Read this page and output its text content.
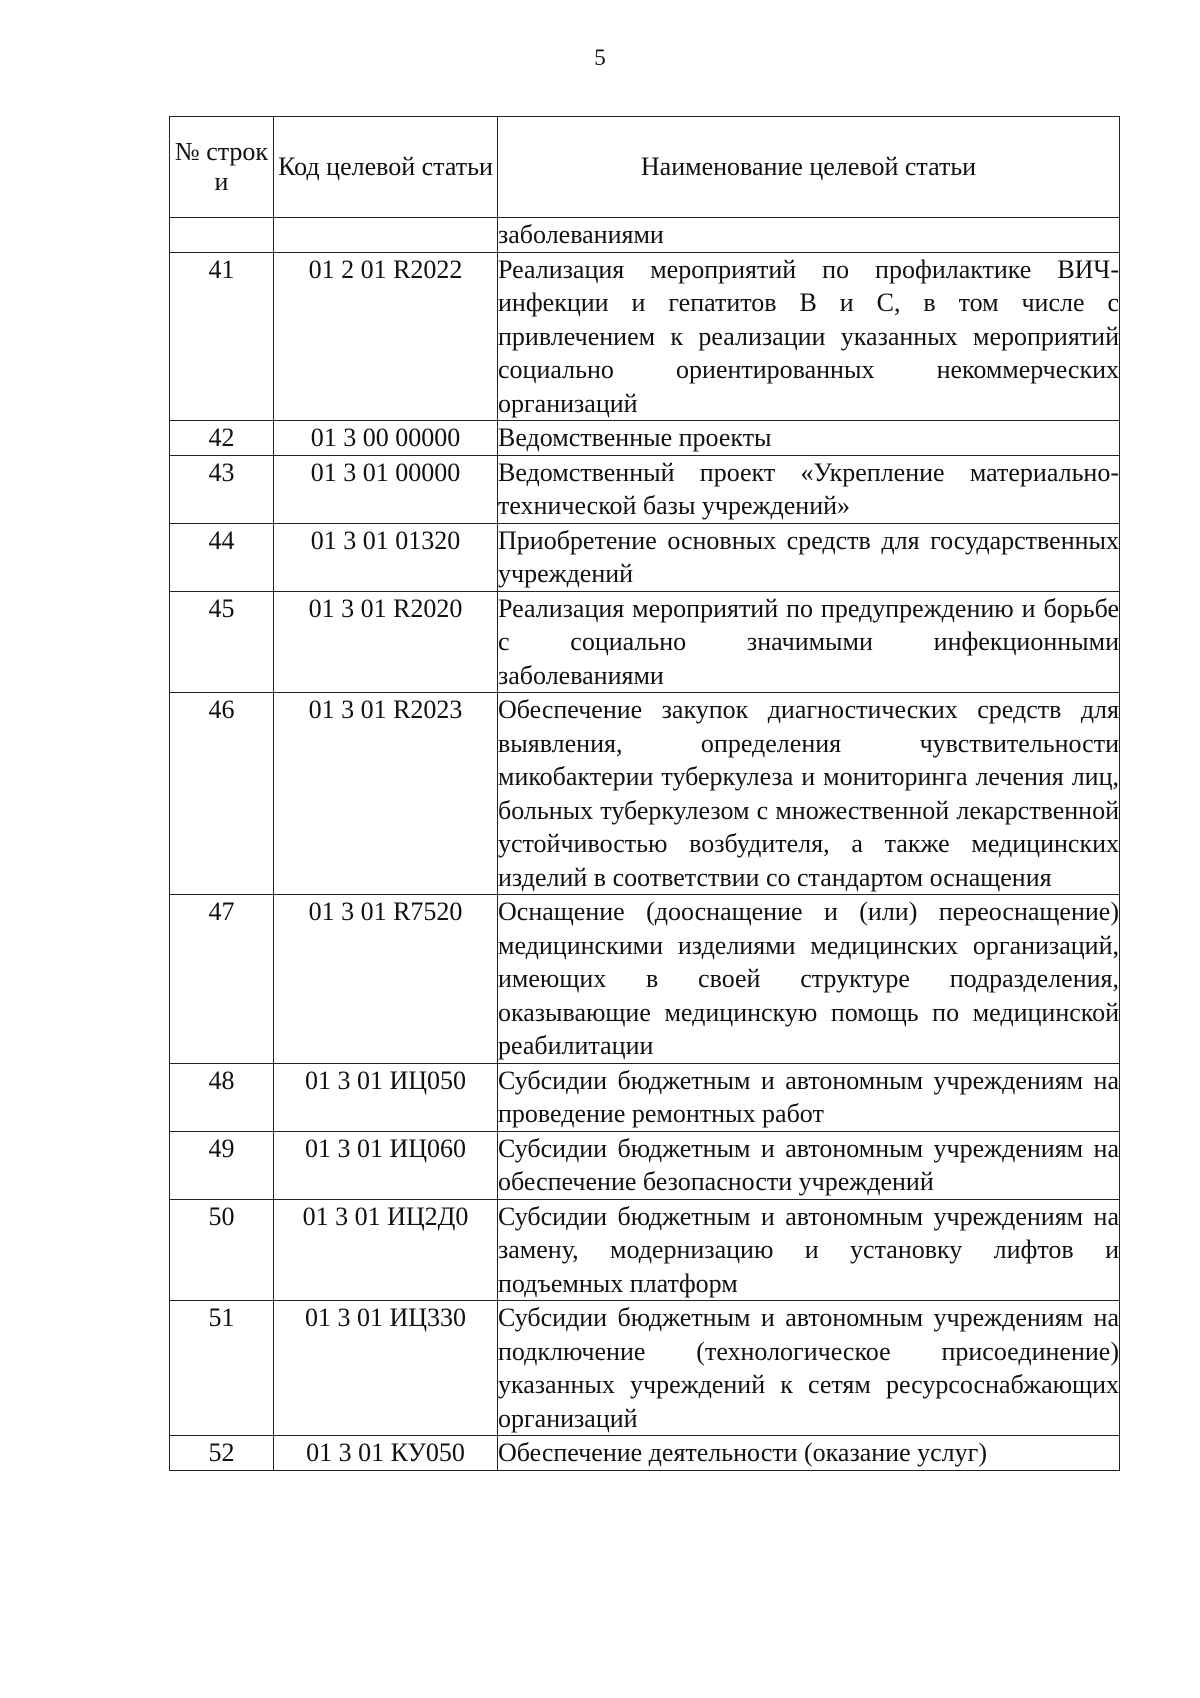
5
№ строк и	Код целевой статьи	Наименование целевой статьи
		заболеваниями
41	01 2 01 R2022	Реализация мероприятий по профилактике ВИЧ-инфекции и гепатитов В и С, в том числе с привлечением к реализации указанных мероприятий социально ориентированных некоммерческих организаций
42	01 3 00 00000	Ведомственные проекты
43	01 3 01 00000	Ведомственный проект «Укрепление материально-технической базы учреждений»
44	01 3 01 01320	Приобретение основных средств для государственных учреждений
45	01 3 01 R2020	Реализация мероприятий по предупреждению и борьбе с социально значимыми инфекционными заболеваниями
46	01 3 01 R2023	Обеспечение закупок диагностических средств для выявления, определения чувствительности микобактерии туберкулеза и мониторинга лечения лиц, больных туберкулезом с множественной лекарственной устойчивостью возбудителя, а также медицинских изделий в соответствии со стандартом оснащения
47	01 3 01 R7520	Оснащение (дооснащение и (или) переоснащение) медицинскими изделиями медицинских организаций, имеющих в своей структуре подразделения, оказывающие медицинскую помощь по медицинской реабилитации
48	01 3 01 ИЦ050	Субсидии бюджетным и автономным учреждениям на проведение ремонтных работ
49	01 3 01 ИЦ060	Субсидии бюджетным и автономным учреждениям на обеспечение безопасности учреждений
50	01 3 01 ИЦ2Д0	Субсидии бюджетным и автономным учреждениям на замену, модернизацию и установку лифтов и подъемных платформ
51	01 3 01 ИЦ330	Субсидии бюджетным и автономным учреждениям на подключение (технологическое присоединение) указанных учреждений к сетям ресурсоснабжающих организаций
52	01 3 01 КУ050	Обеспечение деятельности (оказание услуг)
